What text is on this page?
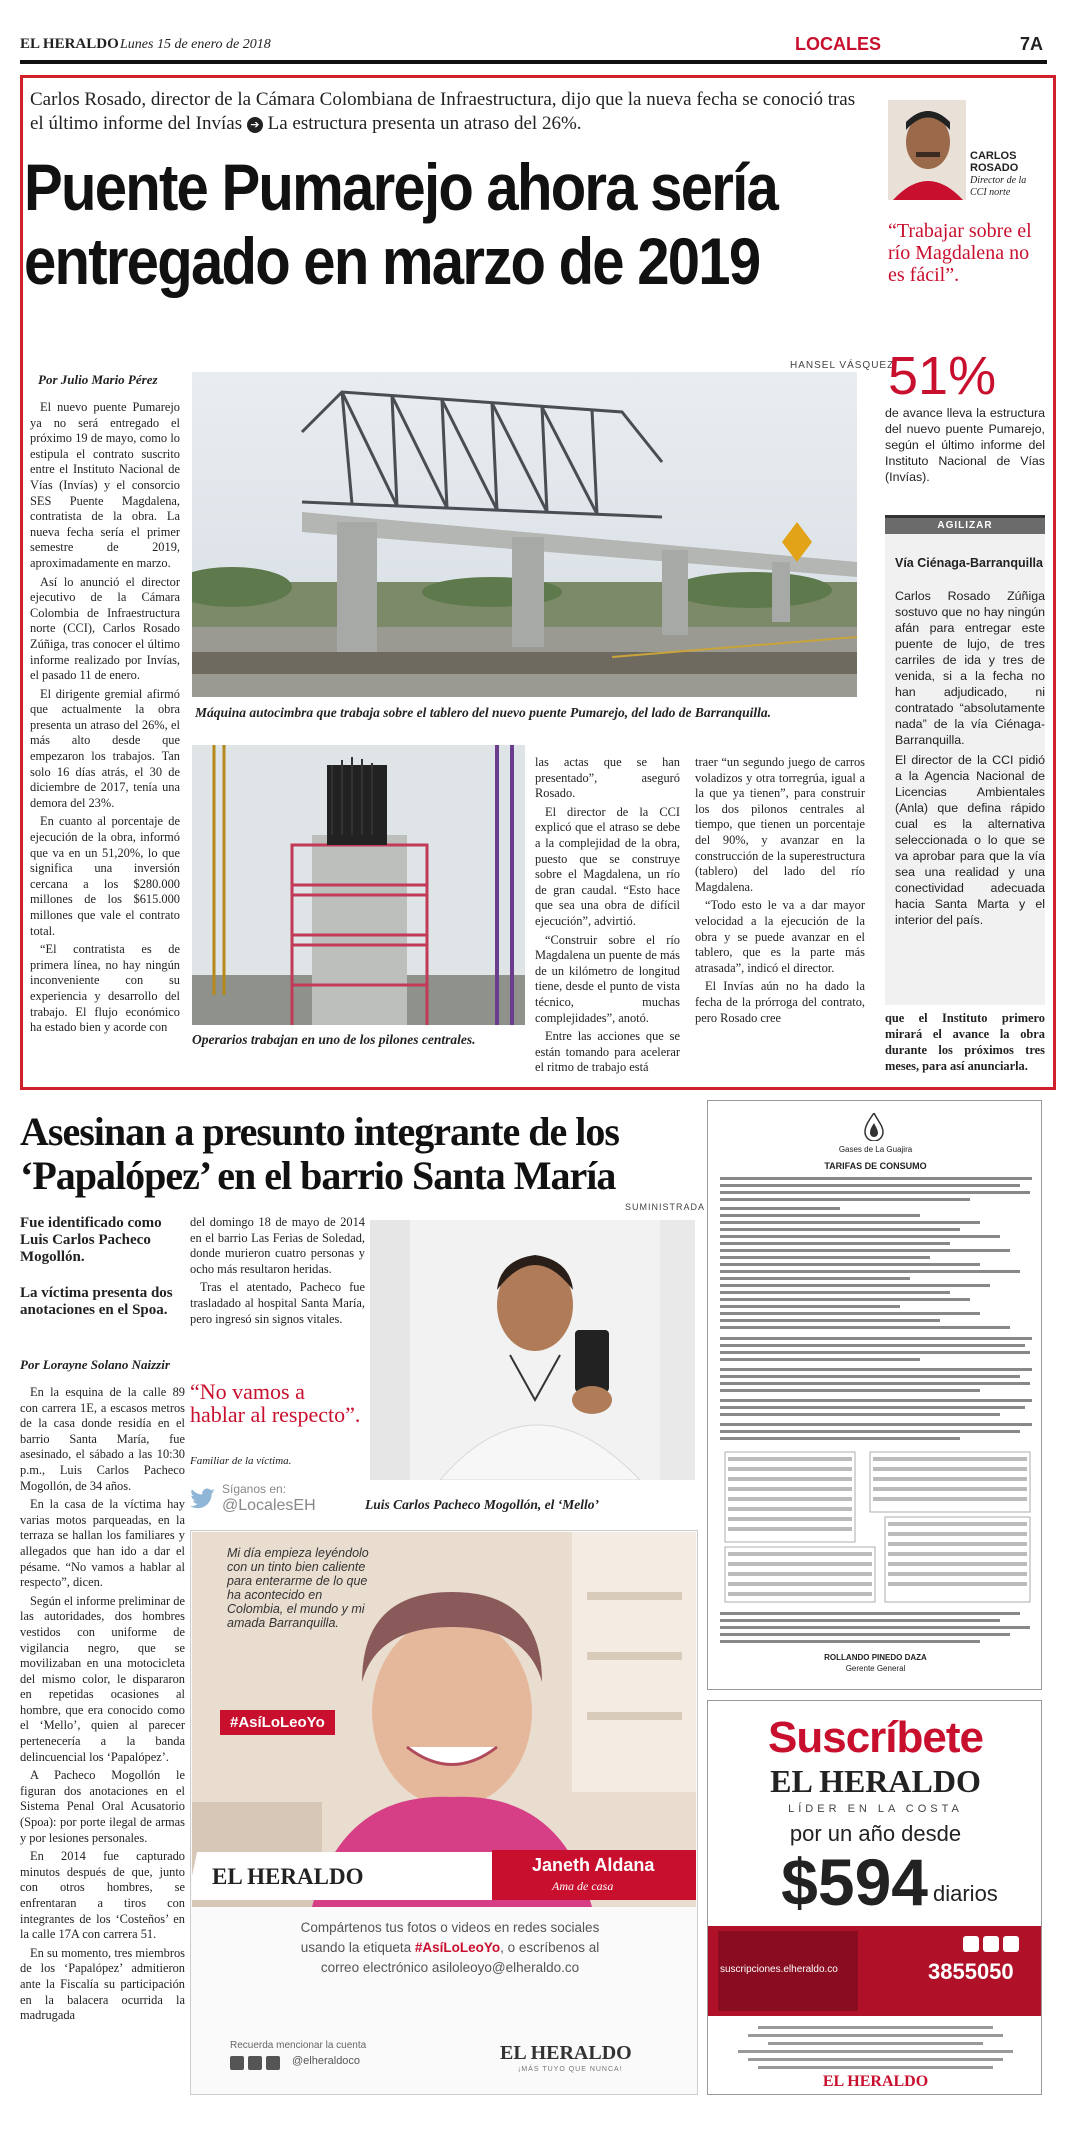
EL HERALDO Lunes 15 de enero de 2018	LOCALES	7A
Carlos Rosado, director de la Cámara Colombiana de Infraestructura, dijo que la nueva fecha se conoció tras el último informe del Invías ➔ La estructura presenta un atraso del 26%.
Puente Pumarejo ahora sería
entregado en marzo de 2019
Por Julio Mario Pérez

El nuevo puente Pumarejo ya no será entregado el próximo 19 de mayo, como lo estipula el contrato suscrito entre el Instituto Nacional de Vías (Invías) y el consorcio SES Puente Magdalena, contratista de la obra. La nueva fecha sería el primer semestre de 2019, aproximadamente en marzo.

Así lo anunció el director ejecutivo de la Cámara Colombia de Infraestructura norte (CCI), Carlos Rosado Zúñiga, tras conocer el último informe realizado por Invías, el pasado 11 de enero.

El dirigente gremial afirmó que actualmente la obra presenta un atraso del 26%, el más alto desde que empezaron los trabajos. Tan solo 16 días atrás, el 30 de diciembre de 2017, tenía una demora del 23%.

En cuanto al porcentaje de ejecución de la obra, informó que va en un 51,20%, lo que significa una inversión cercana a los $280.000 millones de los $615.000 millones que vale el contrato total.

“El contratista es de primera línea, no hay ningún inconveniente con su experiencia y desarrollo del trabajo. El flujo económico ha estado bien y acorde con

HANSEL VÁSQUEZ
Máquina autocimbra que trabaja sobre el tablero del nuevo puente Pumarejo, del lado de Barranquilla.
Operarios trabajan en uno de los pilones centrales.

las actas que se han presentado”, aseguró Rosado.

El director de la CCI explicó que el atraso se debe a la complejidad de la obra, puesto que se construye sobre el Magdalena, un río de gran caudal. “Esto hace que sea una obra de difícil ejecución”, advirtió.

“Construir sobre el río Magdalena un puente de más de un kilómetro de longitud tiene, desde el punto de vista técnico, muchas complejidades”, anotó.

Entre las acciones que se están tomando para acelerar el ritmo de trabajo está

traer “un segundo juego de carros voladizos y otra torregrúa, igual a la que ya tienen”, para construir los dos pilonos centrales al tiempo, que tienen un porcentaje del 90%, y avanzar en la construcción de la superestructura (tablero) del lado del río Magdalena.

“Todo esto le va a dar mayor velocidad a la ejecución de la obra y se puede avanzar en el tablero, que es la parte más atrasada”, indicó el director.

El Invías aún no ha dado la fecha de la prórroga del contrato, pero Rosado cree

CARLOS
ROSADO
Director de la CCI norte
“Trabajar sobre el río Magdalena no es fácil”.
51%
de avance lleva la estructura del nuevo puente Pumarejo, según el último informe del Instituto Nacional de Vías (Invías).
AGILIZAR
Vía Ciénaga-Barranquilla

Carlos Rosado Zúñiga sostuvo que no hay ningún afán para entregar este puente de lujo, de tres carriles de ida y tres de venida, si a la fecha no han adjudicado, ni contratado “absolutamente nada” de la vía Ciénaga-Barranquilla.

El director de la CCI pidió a la Agencia Nacional de Licencias Ambientales (Anla) que defina rápido cual es la alternativa seleccionada o lo que se va aprobar para que la vía sea una realidad y una conectividad adecuada hacia Santa Marta y el interior del país.

que el Instituto primero mirará el avance la obra durante los próximos tres meses, para así anunciarla.
Asesinan a presunto integrante de los
‘Papalópez’ en el barrio Santa María
Fue identificado como Luis Carlos Pacheco Mogollón.
La víctima presenta dos anotaciones en el Spoa.
Por Lorayne Solano Naizzir

En la esquina de la calle 89 con carrera 1E, a escasos metros de la casa donde residía en el barrio Santa María, fue asesinado, el sábado a las 10:30 p.m., Luis Carlos Pacheco Mogollón, de 34 años.

En la casa de la víctima hay varias motos parqueadas, en la terraza se hallan los familiares y allegados que han ido a dar el pésame. “No vamos a hablar al respecto”, dicen.

Según el informe preliminar de las autoridades, dos hombres vestidos con uniforme de vigilancia negro, que se movilizaban en una motocicleta del mismo color, le dispararon en repetidas ocasiones al hombre, que era conocido como el ‘Mello’, quien al parecer pertenecería a la banda delincuencial los ‘Papalópez’.

A Pacheco Mogollón le figuran dos anotaciones en el Sistema Penal Oral Acusatorio (Spoa): por porte ilegal de armas y por lesiones personales.

En 2014 fue capturado minutos después de que, junto con otros hombres, se enfrentaran a tiros con integrantes de los ‘Costeños’ en la calle 17A con carrera 51.

En su momento, tres miembros de los ‘Papalópez’ admitieron ante la Fiscalía su participación en la balacera ocurrida la madrugada

del domingo 18 de mayo de 2014 en el barrio Las Ferias de Soledad, donde murieron cuatro personas y ocho más resultaron heridas.

Tras el atentado, Pacheco fue trasladado al hospital Santa María, pero ingresó sin signos vitales.

“No vamos a hablar al respecto”.
Familiar de la víctima.
Síganos en:
@LocalesEH
SUMINISTRADA
Luis Carlos Pacheco Mogollón, el ‘Mello’
Mi día empieza leyéndolo con un tinto bien caliente para enterarme de lo que ha acontecido en Colombia, el mundo y mi amada Barranquilla.
#AsíLoLeoYo
EL HERALDO	Janeth Aldana
Ama de casa
Compártenos tus fotos o videos en redes sociales
usando la etiqueta #AsíLoLeoYo, o escríbenos al
correo electrónico asiloleoyo@elheraldo.co
Recuerda mencionar la cuenta
@elheraldoco	EL HERALDO
¡MÁS TUYO QUE NUNCA!
Gases de La Guajira
TARIFAS DE CONSUMO
ROLLANDO PINEDO DAZA
Gerente General
Suscríbete
EL HERALDO
LÍDER EN LA COSTA
por un año desde
$594 diarios
suscripciones.elheraldo.co	3855050
EL HERALDO
